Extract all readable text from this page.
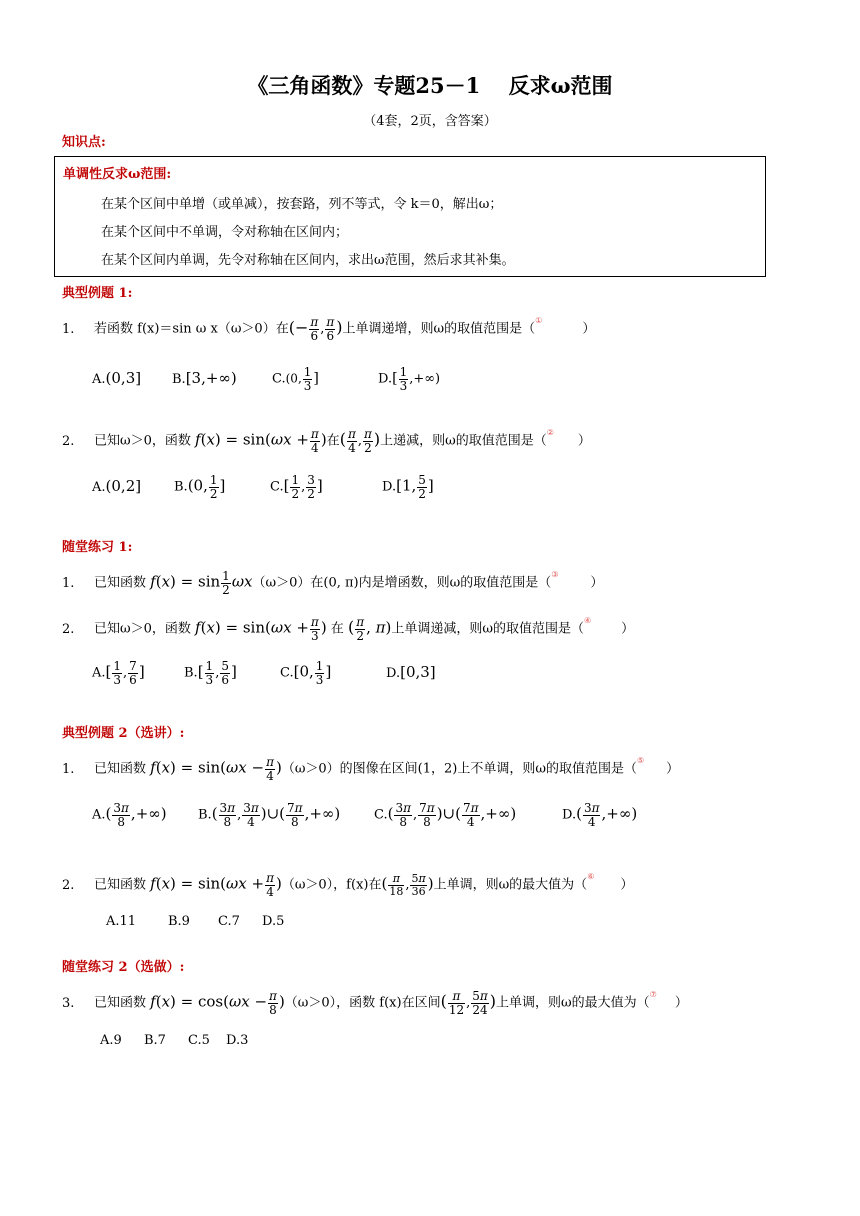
《三角函数》专题25－1　 反求ω范围
（4套，2页，含答案）
知识点:
单调性反求ω范围:
在某个区间中单增（或单减），按套路，列不等式，令 k＝0，解出ω；
在某个区间中不单调，令对称轴在区间内；
在某个区间内单调，先令对称轴在区间内，求出ω范围，然后求其补集。
典型例题 1:
1. 若函数 f(x)＝sin ω x（ω＞0）在(− $\frac{\pi}{6}$ , $\frac{\pi}{6}$ )上单调递增，则ω的取值范围是（①）
A.(0,3] B.[3,+∞)	C.(0, $\frac{1}{3}$ ]	$D.[ \frac{1}{3}$ ,+∞)
2. 已知ω＞0，函数 $f(x) = \sin(\omega x + \frac{\pi}{4}$ )在( $\frac{\pi}{4}$ , $\frac{\pi}{2}$ )上递减，则ω的取值范围是（②）
A.(0,2]	B.(0, $\frac{1}{2}$ ]	$C.[ \frac{1}{2}$ , $\frac{3}{2}$ ]	D.[1, $\frac{5}{2}$ ]
随堂练习 1:
1. 已知函数 $f(x) = \sin \frac{1}{2} \omega x(\omega>0)$在(0, π)内是增函数，则ω的取值范围是（③）
2. 已知ω＞0，函数 $f(x) = \sin(\omega x + \frac{\pi}{3}$ ) 在 ( $\frac{\pi}{2}$ , π)上单调递减，则ω的取值范围是（④）
$A.[ \frac{1}{3}$ , $\frac{7}{6}$ ]	$B.[ \frac{1}{3}$ , $\frac{5}{6}$ ]	C.[0, $\frac{1}{3}$ ]	D.[0,3]
典型例题 2（选讲）:
1. 已知函数 $f(x) = \sin(\omega x - \frac{\pi}{4} )(\omega>0)$的图像在区间(1，2)上不单调，则ω的取值范围是（⑤）
$A.( \frac{3\pi}{8}$ ,+∞) $B.( \frac{3\pi}{8}$ , $\frac{3\pi}{4}$ )∪( $\frac{7\pi}{8}$ ,+∞)	$C.( \frac{3\pi}{8}$ , $\frac{7\pi}{8}$ )∪( $\frac{7\pi}{4}$ ,+∞)	$D.( \frac{3\pi}{4}$ ,+∞)
2. 已知函数 $f(x) = \sin(\omega x + \frac{\pi}{4} )(\omega>0)$，f(x)在( $\frac{\pi}{18}$ , $\frac{5\pi}{36}$ )上单调，则ω的最大值为（⑥）
A.11 B.9 C.7 D.5
随堂练习 2（选做）:
3. 已知函数 $f(x) = \cos(\omega x - \frac{\pi}{8} )(\omega>0)$，函数 f(x)在区间( $\frac{\pi}{12}$ , $\frac{5\pi}{24}$ )上单调，则ω的最大值为（⑦）
A.9 B.7 C.5 D.3
